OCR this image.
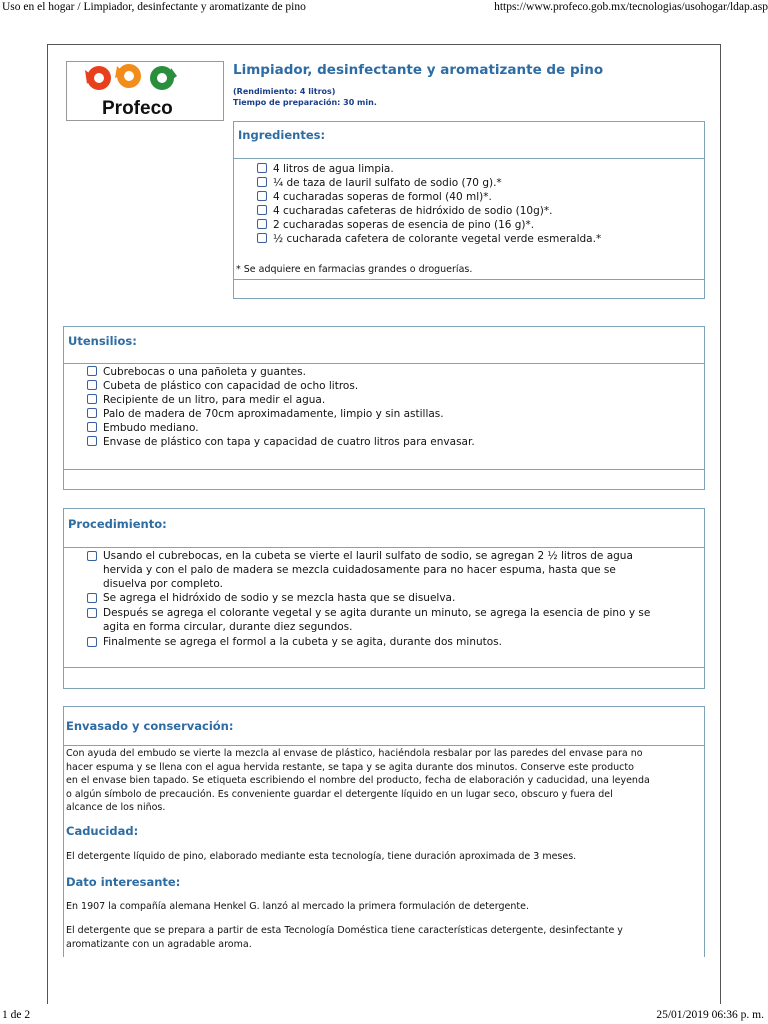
Uso en el hogar / Limpiador, desinfectante y aromatizante de pino	https://www.profeco.gob.mx/tecnologias/usohogar/ldap.asp
Profeco
Limpiador, desinfectante y aromatizante de pino
(Rendimiento: 4 litros)
Tiempo de preparación: 30 min.
Ingredientes:
4 litros de agua limpia.
¼ de taza de lauril sulfato de sodio (70 g).*
4 cucharadas soperas de formol (40 ml)*.
4 cucharadas cafeteras de hidróxido de sodio (10g)*.
2 cucharadas soperas de esencia de pino (16 g)*.
½ cucharada cafetera de colorante vegetal verde esmeralda.*
* Se adquiere en farmacias grandes o droguerías.
Utensilios:
Cubrebocas o una pañoleta y guantes.
Cubeta de plástico con capacidad de ocho litros.
Recipiente de un litro, para medir el agua.
Palo de madera de 70cm aproximadamente, limpio y sin astillas.
Embudo mediano.
Envase de plástico con tapa y capacidad de cuatro litros para envasar.
Procedimiento:
Usando el cubrebocas, en la cubeta se vierte el lauril sulfato de sodio, se agregan 2 ½ litros de agua
hervida y con el palo de madera se mezcla cuidadosamente para no hacer espuma, hasta que se
disuelva por completo.
Se agrega el hidróxido de sodio y se mezcla hasta que se disuelva.
Después se agrega el colorante vegetal y se agita durante un minuto, se agrega la esencia de pino y se
agita en forma circular, durante diez segundos.
Finalmente se agrega el formol a la cubeta y se agita, durante dos minutos.
Envasado y conservación:
Con ayuda del embudo se vierte la mezcla al envase de plástico, haciéndola resbalar por las paredes del envase para no
hacer espuma y se llena con el agua hervida restante, se tapa y se agita durante dos minutos. Conserve este producto
en el envase bien tapado. Se etiqueta escribiendo el nombre del producto, fecha de elaboración y caducidad, una leyenda
o algún símbolo de precaución. Es conveniente guardar el detergente líquido en un lugar seco, obscuro y fuera del
alcance de los niños.
Caducidad:
El detergente líquido de pino, elaborado mediante esta tecnología, tiene duración aproximada de 3 meses.
Dato interesante:
En 1907 la compañía alemana Henkel G. lanzó al mercado la primera formulación de detergente.
El detergente que se prepara a partir de esta Tecnología Doméstica tiene características detergente, desinfectante y
aromatizante con un agradable aroma.
1 de 2	25/01/2019 06:36 p. m.
